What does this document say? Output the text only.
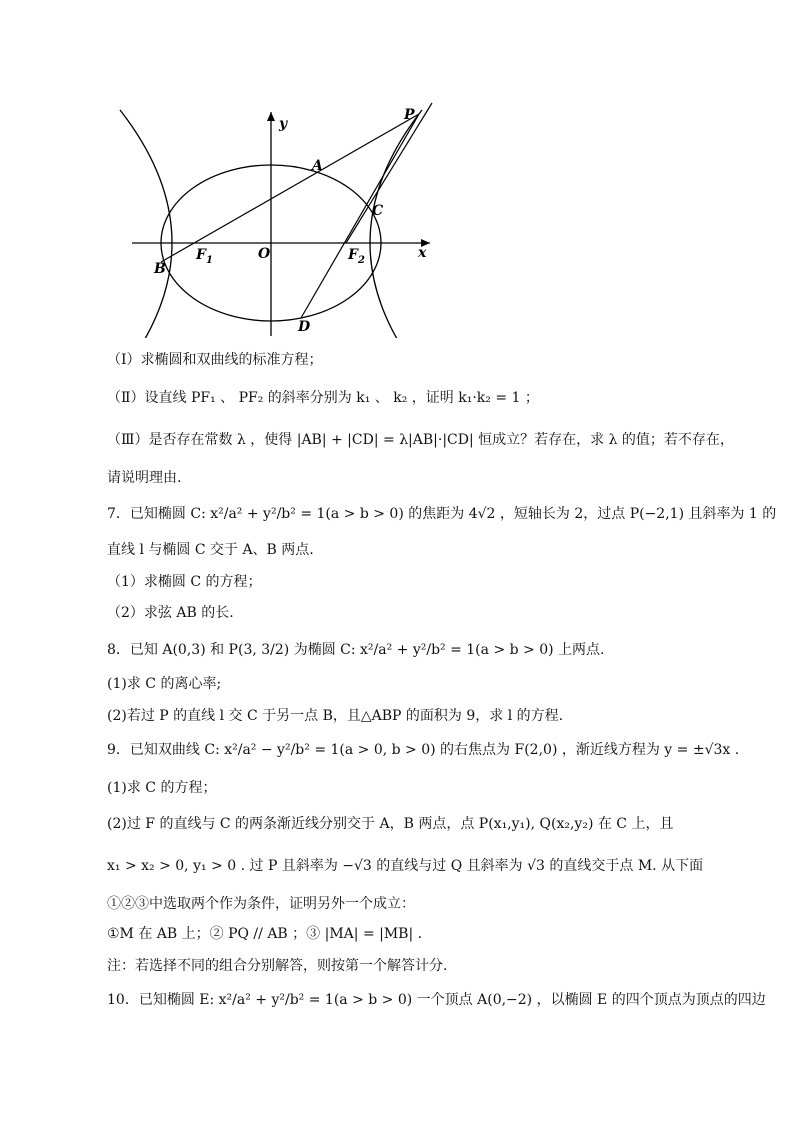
y
x
P
A
C
$F_1$	O	$F_2$
B
D
（Ⅰ）求椭圆和双曲线的标准方程；
（Ⅱ）设直线 PF₁ 、 PF₂ 的斜率分别为 k₁ 、 k₂ ，证明 k₁·k₂ = 1 ；
（Ⅲ）是否存在常数 λ ，使得 |AB| + |CD| = λ|AB|·|CD| 恒成立？若存在，求 λ 的值；若不存在，
请说明理由.
7．已知椭圆 C: x²/a² + y²/b² = 1(a > b > 0) 的焦距为 4√2 ，短轴长为 2，过点 P(−2,1) 且斜率为 1 的
直线 l 与椭圆 C 交于 A、B 两点.
（1）求椭圆 C 的方程；
（2）求弦 AB 的长.
8．已知 A(0,3) 和 P(3, 3/2) 为椭圆 C: x²/a² + y²/b² = 1(a > b > 0) 上两点.
(1)求 C 的离心率;
(2)若过 P 的直线 l 交 C 于另一点 B，且△ABP 的面积为 9，求 l 的方程.
9．已知双曲线 C: x²/a² − y²/b² = 1(a > 0, b > 0) 的右焦点为 F(2,0) ，渐近线方程为 y = ±√3x .
(1)求 C 的方程；
(2)过 F 的直线与 C 的两条渐近线分别交于 A，B 两点，点 P(x₁,y₁), Q(x₂,y₂) 在 C 上，且
x₁ > x₂ > 0, y₁ > 0 . 过 P 且斜率为 −√3 的直线与过 Q 且斜率为 √3 的直线交于点 M. 从下面
①②③中选取两个作为条件，证明另外一个成立：
①M 在 AB 上；② PQ // AB ；③ |MA| = |MB| .
注：若选择不同的组合分别解答，则按第一个解答计分.
10．已知椭圆 E: x²/a² + y²/b² = 1(a > b > 0) 一个顶点 A(0,−2) ，以椭圆 E 的四个顶点为顶点的四边
